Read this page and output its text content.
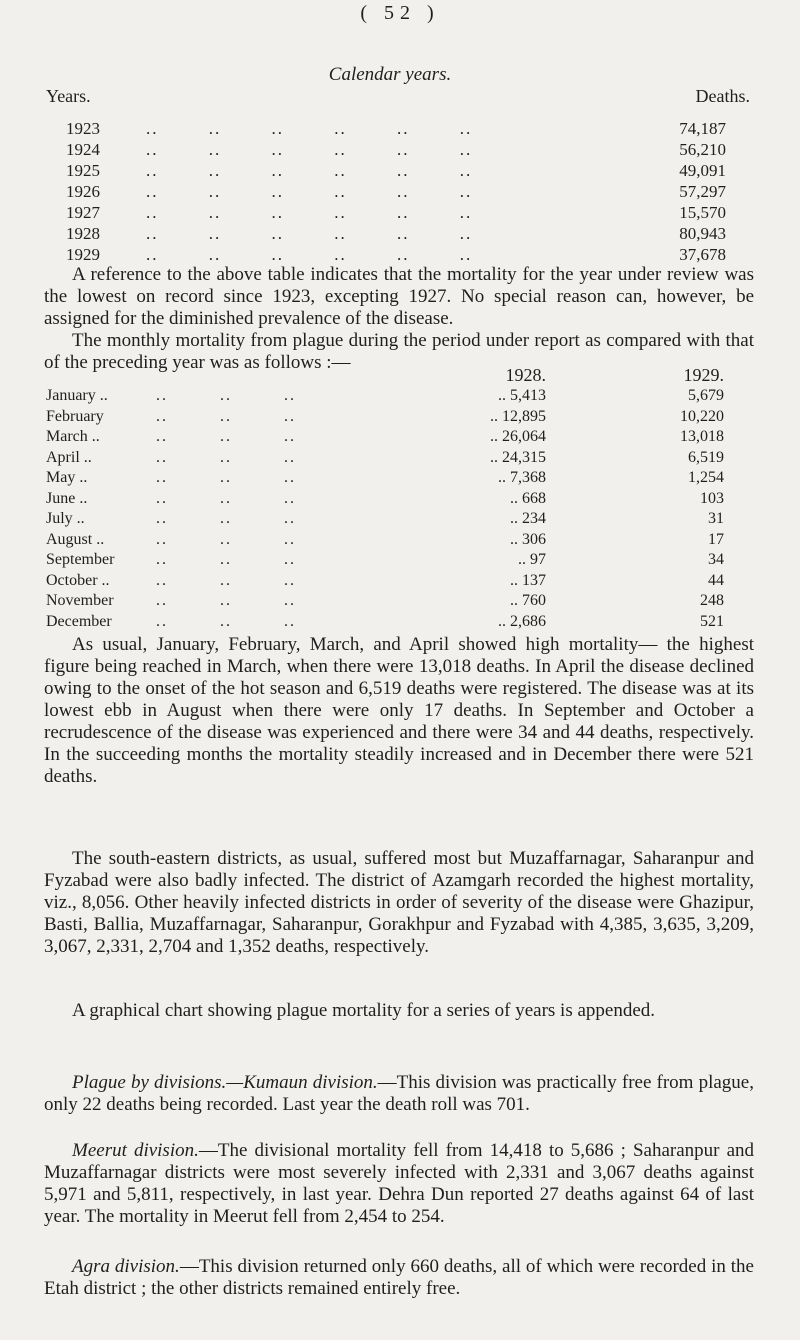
( 52 )
Calendar years.
Years.	Deaths.
1923	.. .. .. .. .. ..	74,187
1924	.. .. .. .. .. ..	56,210
1925	.. .. .. .. .. ..	49,091
1926	.. .. .. .. .. ..	57,297
1927	.. .. .. .. .. ..	15,570
1928	.. .. .. .. .. ..	80,943
1929	.. .. .. .. .. ..	37,678

A reference to the above table indicates that the mortality for the year under review was the lowest on record since 1923, excepting 1927. No special reason can, however, be assigned for the diminished prevalence of the disease.

The monthly mortality from plague during the period under report as compared with that of the preceding year was as follows :—

1928.	1929.
January ..	.. .. ..	.. 5,413	5,679
February	.. .. ..	.. 12,895	10,220
March ..	.. .. ..	.. 26,064	13,018
April ..	.. .. ..	.. 24,315	6,519
May ..	.. .. ..	.. 7,368	1,254
June ..	.. .. ..	.. 668	103
July ..	.. .. ..	.. 234	31
August ..	.. .. ..	.. 306	17
September	.. .. ..	.. 97	34
October ..	.. .. ..	.. 137	44
November	.. .. ..	.. 760	248
December	.. .. ..	.. 2,686	521

As usual, January, February, March, and April showed high mortality— the highest figure being reached in March, when there were 13,018 deaths. In April the disease declined owing to the onset of the hot season and 6,519 deaths were registered. The disease was at its lowest ebb in August when there were only 17 deaths. In September and October a recrudescence of the disease was experienced and there were 34 and 44 deaths, respectively. In the succeeding months the mortality steadily increased and in December there were 521 deaths.

The south-eastern districts, as usual, suffered most but Muzaffarnagar, Saharanpur and Fyzabad were also badly infected. The district of Azamgarh recorded the highest mortality, viz., 8,056. Other heavily infected districts in order of severity of the disease were Ghazipur, Basti, Ballia, Muzaffarnagar, Saharanpur, Gorakhpur and Fyzabad with 4,385, 3,635, 3,209, 3,067, 2,331, 2,704 and 1,352 deaths, respectively.

A graphical chart showing plague mortality for a series of years is appended.

Plague by divisions.—Kumaun division.—This division was practically free from plague, only 22 deaths being recorded. Last year the death roll was 701.

Meerut division.—The divisional mortality fell from 14,418 to 5,686 ; Saharanpur and Muzaffarnagar districts were most severely infected with 2,331 and 3,067 deaths against 5,971 and 5,811, respectively, in last year. Dehra Dun reported 27 deaths against 64 of last year. The mortality in Meerut fell from 2,454 to 254.

Agra division.—This division returned only 660 deaths, all of which were recorded in the Etah district ; the other districts remained entirely free.
